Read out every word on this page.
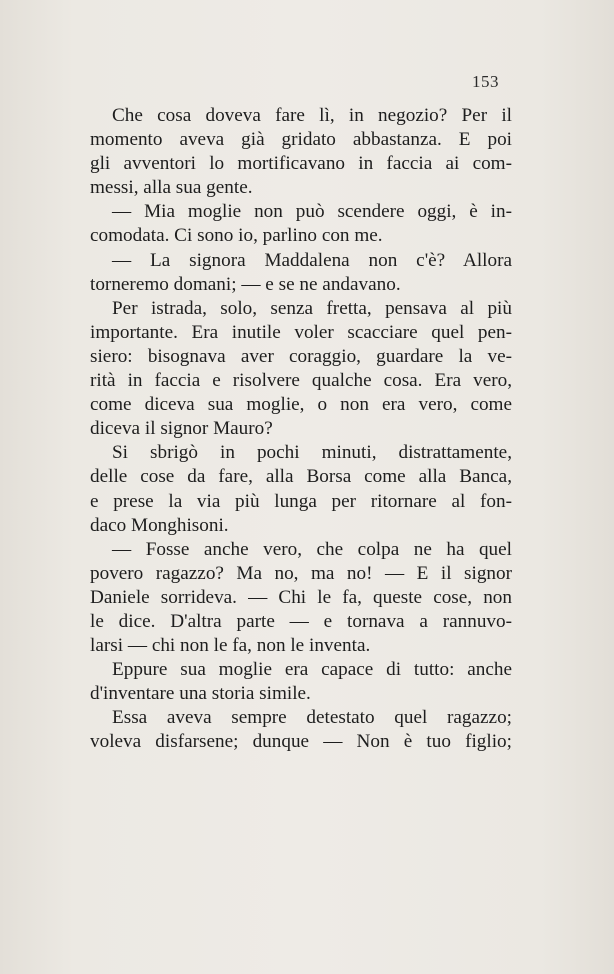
153
Che cosa doveva fare lì, in negozio? Per il
momento aveva già gridato abbastanza. E poi
gli avventori lo mortificavano in faccia ai com-
messi, alla sua gente.
— Mia moglie non può scendere oggi, è in-
comodata. Ci sono io, parlino con me.
— La signora Maddalena non c'è? Allora
torneremo domani; — e se ne andavano.
Per istrada, solo, senza fretta, pensava al più
importante. Era inutile voler scacciare quel pen-
siero: bisognava aver coraggio, guardare la ve-
rità in faccia e risolvere qualche cosa. Era vero,
come diceva sua moglie, o non era vero, come
diceva il signor Mauro?
Si sbrigò in pochi minuti, distrattamente,
delle cose da fare, alla Borsa come alla Banca,
e prese la via più lunga per ritornare al fon-
daco Monghisoni.
— Fosse anche vero, che colpa ne ha quel
povero ragazzo? Ma no, ma no! — E il signor
Daniele sorrideva. — Chi le fa, queste cose, non
le dice. D'altra parte — e tornava a rannuvo-
larsi — chi non le fa, non le inventa.
Eppure sua moglie era capace di tutto: anche
d'inventare una storia simile.
Essa aveva sempre detestato quel ragazzo;
voleva disfarsene; dunque — Non è tuo figlio;
